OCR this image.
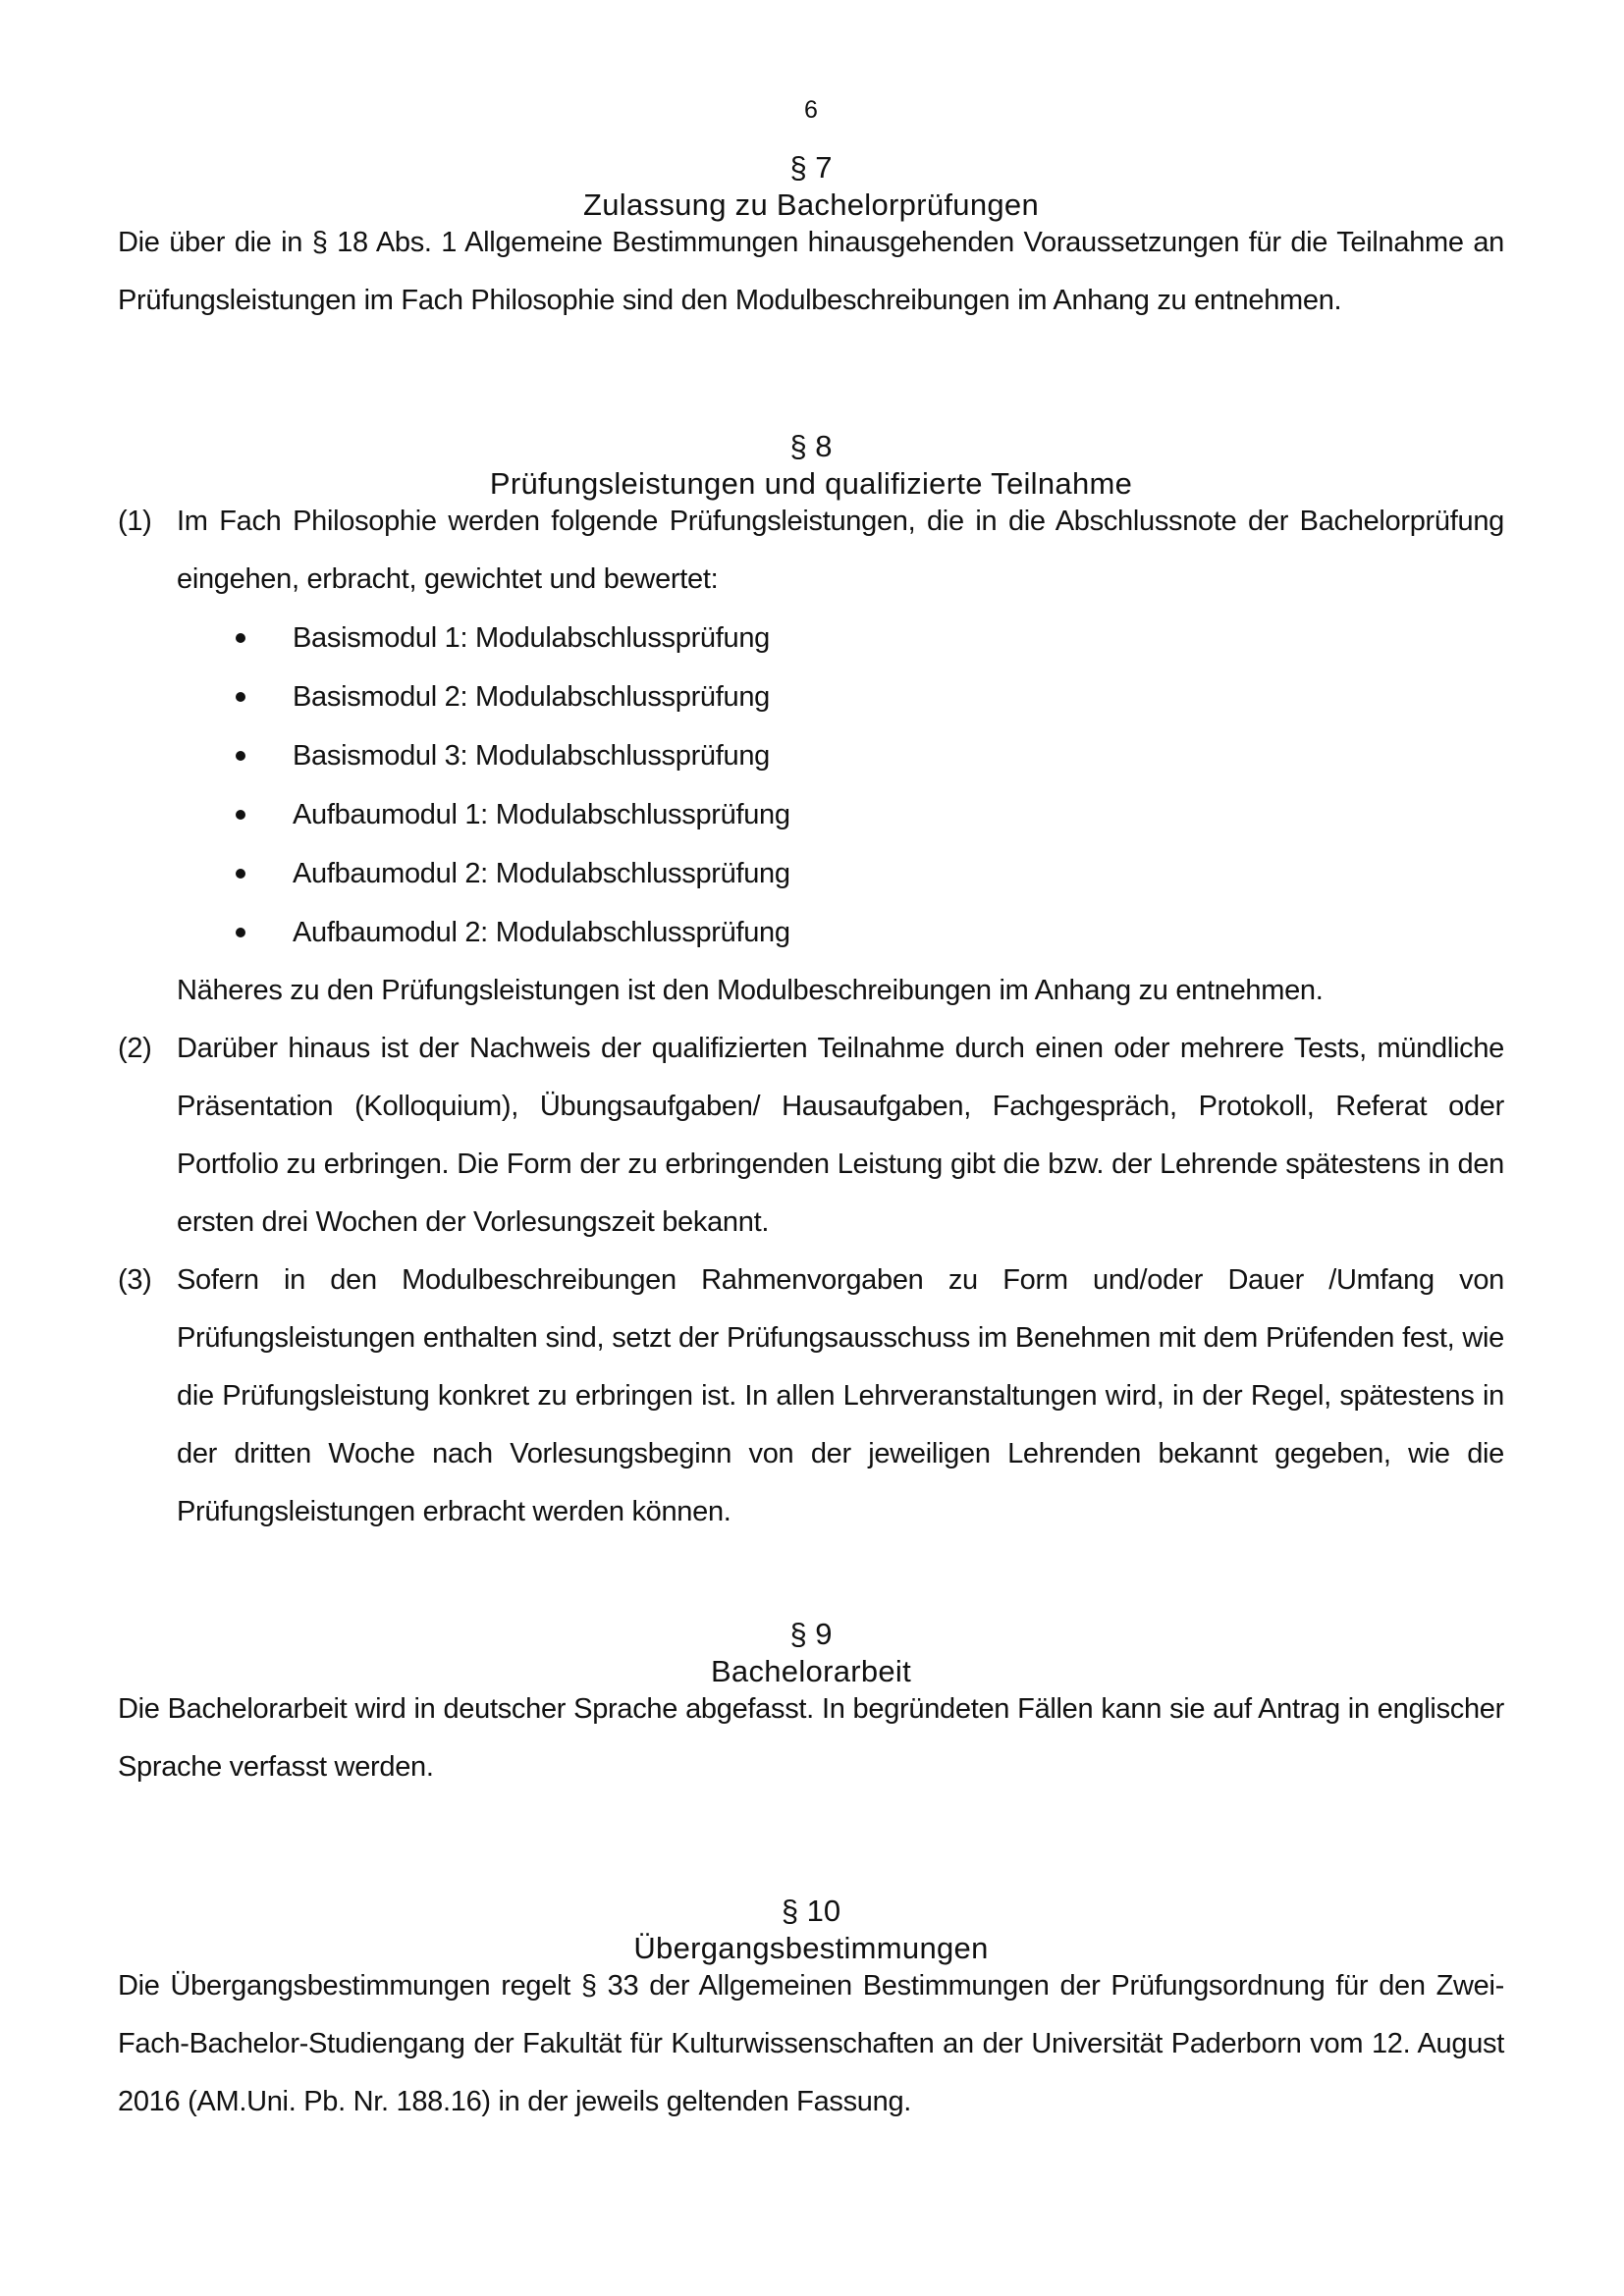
6
§ 7
Zulassung zu Bachelorprüfungen

Die über die in § 18 Abs. 1 Allgemeine Bestimmungen hinausgehenden Voraussetzungen für die Teilnahme an Prüfungsleistungen im Fach Philosophie sind den Modulbeschreibungen im Anhang zu entnehmen.

§ 8
Prüfungsleistungen und qualifizierte Teilnahme
(1) Im Fach Philosophie werden folgende Prüfungsleistungen, die in die Abschlussnote der Bachelorprüfung eingehen, erbracht, gewichtet und bewertet:
Basismodul 1: Modulabschlussprüfung
Basismodul 2: Modulabschlussprüfung
Basismodul 3: Modulabschlussprüfung
Aufbaumodul 1: Modulabschlussprüfung
Aufbaumodul 2: Modulabschlussprüfung
Aufbaumodul 2: Modulabschlussprüfung
Näheres zu den Prüfungsleistungen ist den Modulbeschreibungen im Anhang zu entnehmen.
(2) Darüber hinaus ist der Nachweis der qualifizierten Teilnahme durch einen oder mehrere Tests, mündliche Präsentation (Kolloquium), Übungsaufgaben/ Hausaufgaben, Fachgespräch, Protokoll, Referat oder Portfolio zu erbringen. Die Form der zu erbringenden Leistung gibt die bzw. der Lehrende spätestens in den ersten drei Wochen der Vorlesungszeit bekannt.
(3) Sofern in den Modulbeschreibungen Rahmenvorgaben zu Form und/oder Dauer /Umfang von Prüfungsleistungen enthalten sind, setzt der Prüfungsausschuss im Benehmen mit dem Prüfenden fest, wie die Prüfungsleistung konkret zu erbringen ist. In allen Lehrveranstaltungen wird, in der Regel, spätestens in der dritten Woche nach Vorlesungsbeginn von der jeweiligen Lehrenden bekannt gegeben, wie die Prüfungsleistungen erbracht werden können.
§ 9
Bachelorarbeit

Die Bachelorarbeit wird in deutscher Sprache abgefasst. In begründeten Fällen kann sie auf Antrag in englischer Sprache verfasst werden.

§ 10
Übergangsbestimmungen

Die Übergangsbestimmungen regelt § 33 der Allgemeinen Bestimmungen der Prüfungsordnung für den Zwei-Fach-Bachelor-Studiengang der Fakultät für Kulturwissenschaften an der Universität Paderborn vom 12. August 2016 (AM.Uni. Pb. Nr. 188.16) in der jeweils geltenden Fassung.
